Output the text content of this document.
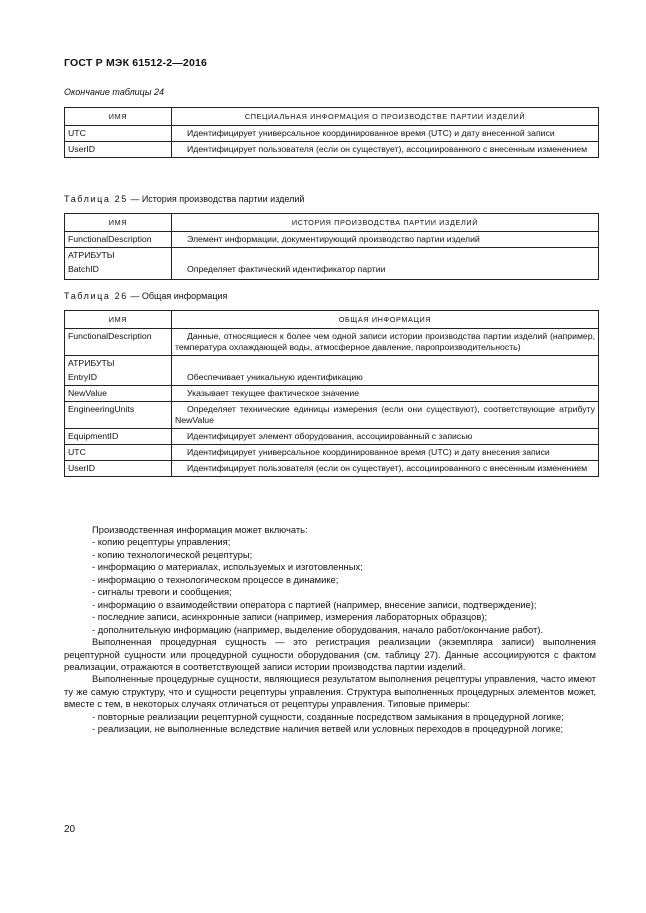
ГОСТ Р МЭК 61512-2—2016
Окончание таблицы 24
ИМЯ	СПЕЦИАЛЬНАЯ ИНФОРМАЦИЯ О ПРОИЗВОДСТВЕ ПАРТИИ ИЗДЕЛИЙ
UTC	Идентифицирует универсальное координированное время (UTC) и дату внесенной записи
UserID	Идентифицирует пользователя (если он существует), ассоциированного с внесенным изменением
Таблица 25 — История производства партии изделий
ИМЯ	ИСТОРИЯ ПРОИЗВОДСТВА ПАРТИИ ИЗДЕЛИЙ
FunctionalDescription	Элемент информации, документирующий производство партии изделий

АТРИБУТЫ
BatchID	Определяет фактический идентификатор партии

Таблица 26 — Общая информация
ИМЯ	ОБЩАЯ ИНФОРМАЦИЯ
FunctionalDescription	Данные, относящиеся к более чем одной записи истории производства партии изделий (например, температура охлаждающей воды, атмосферное давление, паропроизводительность)

АТРИБУТЫ
EntryID	Обеспечивает уникальную идентификацию
NewValue	Указывает текущее фактическое значение
EngineeringUnits	Определяет технические единицы измерения (если они существуют), соответствующие атрибуту NewValue
EquipmentID	Идентифицирует элемент оборудования, ассоциированный с записью
UTC	Идентифицирует универсальное координированное время (UTC) и дату внесения записи
UserID	Идентифицирует пользователя (если он существует), ассоциированного с внесенным изменением

Производственная информация может включать:

- копию рецептуры управления;

- копию технологической рецептуры;

- информацию о материалах, используемых и изготовленных;

- информацию о технологическом процессе в динамике;

- сигналы тревоги и сообщения;

- информацию о взаимодействии оператора с партией (например, внесение записи, подтверждение);

- последние записи, асинхронные записи (например, измерения лабораторных образцов);

- дополнительную информацию (например, выделение оборудования, начало работ/окончание работ).

Выполненная процедурная сущность — это регистрация реализации (экземпляра записи) выполнения рецептурной сущности или процедурной сущности оборудования (см. таблицу 27). Данные ассоциируются с фактом реализации, отражаются в соответствующей записи истории производства партии изделий.

Выполненные процедурные сущности, являющиеся результатом выполнения рецептуры управления, часто имеют ту же самую структуру, что и сущности рецептуры управления. Структура выполненных процедурных элементов может, вместе с тем, в некоторых случаях отличаться от рецептуры управления. Типовые примеры:

- повторные реализации рецептурной сущности, созданные посредством замыкания в процедурной логике;

- реализации, не выполненные вследствие наличия ветвей или условных переходов в процедурной логике;

20
